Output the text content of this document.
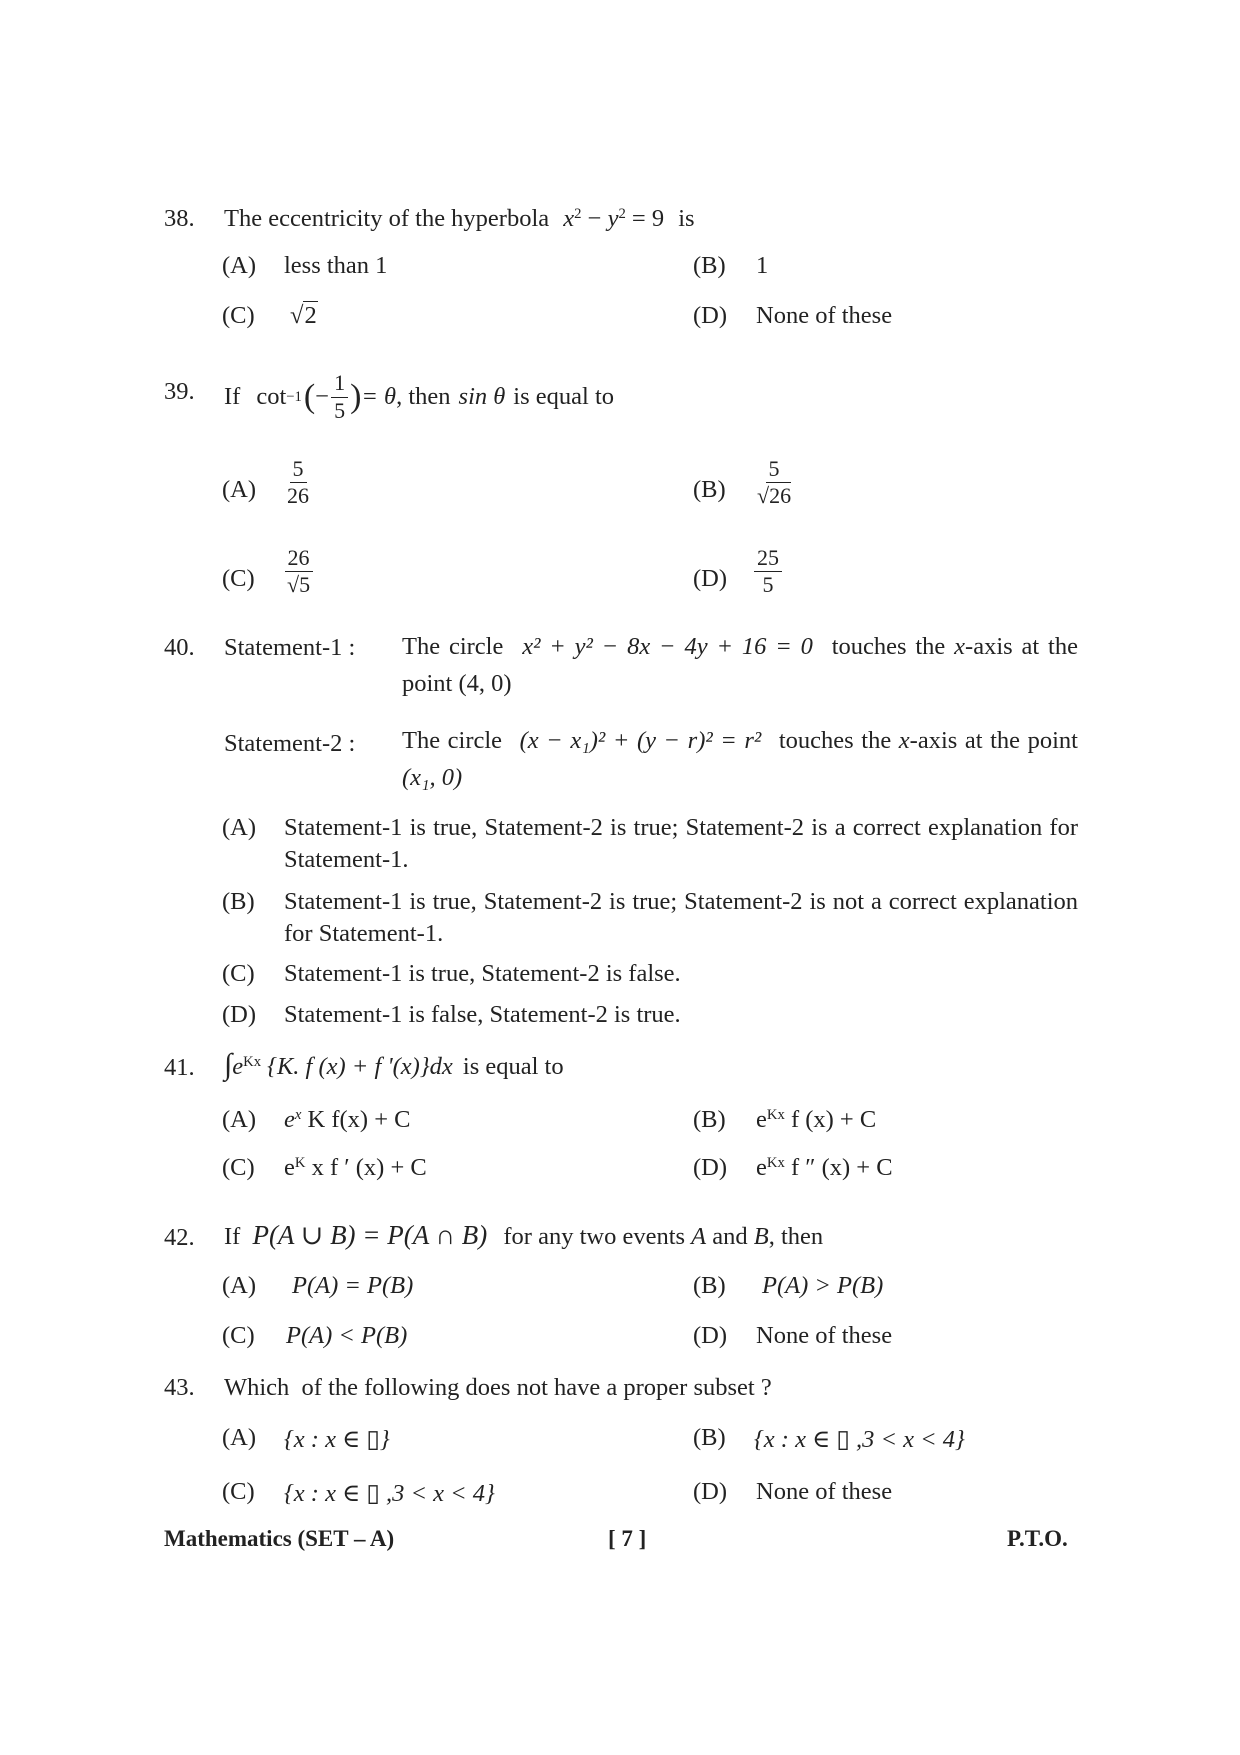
38. The eccentricity of the hyperbola $x^2 - y^2 = 9$ is
(A) less than 1	(B) 1
(C) √2	(D) None of these
39. If cot −1 ( − $\frac{1}{5}$ ) = θ , then sin θ is equal to
$(A) \frac{5}{26}$	$(B) \frac{5}{√26}$
$(C) \frac{26}{√5}$	$(D) \frac{25}{5}$
40. Statement-1 : The circle x² + y² − 8x − 4y + 16 = 0 touches the x-axis at the point (4, 0)
Statement-2 : The circle (x − x₁)² + (y − r)² = r² touches the x-axis at the point (x₁, 0)
(A) Statement-1 is true, Statement-2 is true; Statement-2 is a correct explanation for Statement-1.
(B) Statement-1 is true, Statement-2 is true; Statement-2 is not a correct explanation for Statement-1.
(C) Statement-1 is true, Statement-2 is false.
(D) Statement-1 is false, Statement-2 is true.
41. $\int e^{Kx}$ {K. f (x) + f '(x)}dx is equal to
(A) $e^x$ K f(x) + C	(B) $e^{Kx}$ f (x) + C
(C) $e^K$ x f ′ (x) + C	(D) $e^{Kx}$ f ″ (x) + C
42. If P(A ∪ B) = P(A ∩ B) for any two events A and B, then
(A) P(A) = P(B)	(B) P(A) > P(B)
(C) P(A) < P(B)	(D) None of these
43. Which  of the following does not have a proper subset ?
(A) {x : x ∈ ▯}	(B) {x : x ∈ ▯ ,3 < x < 4}
(C) {x : x ∈ ▯ ,3 < x < 4}	(D) None of these
Mathematics (SET – A)	[ 7 ]	P.T.O.
